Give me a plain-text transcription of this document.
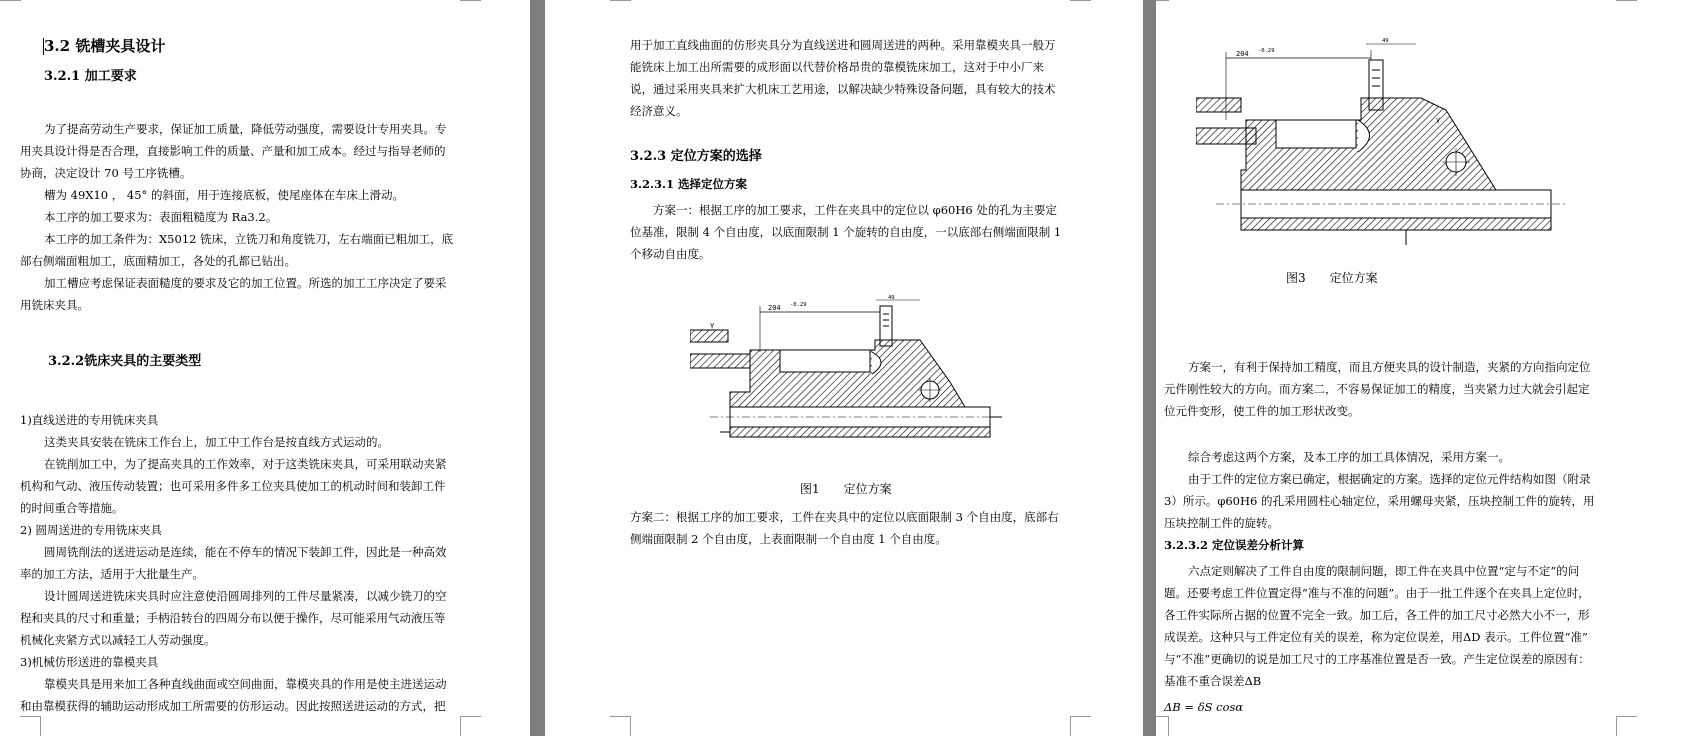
3.2 铣槽夹具设计
3.2.1 加工要求
为了提高劳动生产要求，保证加工质量，降低劳动强度，需要设计专用夹具。专
用夹具设计得是否合理，直接影响工件的质量、产量和加工成本。经过与指导老师的
协商，决定设计 70 号工序铣槽。
槽为 49X10 ， 45° 的斜面，用于连接底板，使尾座体在车床上滑动。
本工序的加工要求为：表面粗糙度为 Ra3.2。
本工序的加工条件为：X5012 铣床，立铣刀和角度铣刀，左右端面已粗加工，底
部右侧端面粗加工，底面精加工，各处的孔都已钻出。
加工槽应考虑保证表面糙度的要求及它的加工位置。所选的加工工序决定了要采
用铣床夹具。
3.2.2铣床夹具的主要类型
1)直线送进的专用铣床夹具
这类夹具安装在铣床工作台上，加工中工作台是按直线方式运动的。
在铣削加工中，为了提高夹具的工作效率，对于这类铣床夹具，可采用联动夹紧
机构和气动、液压传动装置；也可采用多件多工位夹具使加工的机动时间和装卸工件
的时间重合等措施。
2) 圆周送进的专用铣床夹具
圆周铣削法的送进运动是连续，能在不停车的情况下装卸工件，因此是一种高效
率的加工方法，适用于大批量生产。
设计圆周送进铣床夹具时应注意使沿圆周排列的工件尽量紧凑，以减少铣刀的空
程和夹具的尺寸和重量；手柄沿转台的四周分布以便于操作，尽可能采用气动液压等
机械化夹紧方式以减轻工人劳动强度。
3)机械仿形送进的靠模夹具
靠模夹具是用来加工各种直线曲面或空间曲面，靠模夹具的作用是使主进送运动
和由靠模获得的辅助运动形成加工所需要的仿形运动。因此按照送进运动的方式，把
用于加工直线曲面的仿形夹具分为直线送进和圆周送进的两种。采用靠模夹具一般万
能铣床上加工出所需要的成形面以代替价格昂贵的靠模铣床加工，这对于中小厂来
说，通过采用夹具来扩大机床工艺用途，以解决缺少特殊设备问题，具有较大的技术
经济意义。
3.2.3 定位方案的选择
3.2.3.1 选择定位方案
方案一：根据工序的加工要求，工件在夹具中的定位以 φ60H6 处的孔为主要定
位基准，限制 4 个自由度，以底面限制 1 个旋转的自由度，一以底部右侧端面限制 1
个移动自由度。
204 -0.29
49
γ
图1　　定位方案
方案二：根据工序的加工要求，工件在夹具中的定位以底面限制 3 个自由度，底部右
侧端面限制 2 个自由度，上表面限制一个自由度 1 个自由度。
204 -0.29
49
γ
图3　　定位方案
方案一，有利于保持加工精度，而且方便夹具的设计制造，夹紧的方向指向定位
元件刚性较大的方向。而方案二，不容易保证加工的精度，当夹紧力过大就会引起定
位元件变形，使工件的加工形状改变。
综合考虑这两个方案，及本工序的加工具体情况，采用方案一。
由于工件的定位方案已确定，根据确定的方案。选择的定位元件结构如图（附录
3）所示。φ60H6 的孔采用圆柱心轴定位，采用螺母夹紧，压块控制工件的旋转，用
压块控制工件的旋转。
3.2.3.2 定位误差分析计算
六点定则解决了工件自由度的限制问题，即工件在夹具中位置“定与不定”的问
题。还要考虑工件位置定得“准与不准的问题”。由于一批工件逐个在夹具上定位时，
各工件实际所占据的位置不完全一致。加工后，各工件的加工尺寸必然大小不一，形
成误差。这种只与工件定位有关的误差，称为定位误差，用ΔD 表示。工件位置“准”
与“不准”更确切的说是加工尺寸的工序基准位置是否一致。产生定位误差的原因有：
基准不重合误差ΔB
ΔB = δS cosα
